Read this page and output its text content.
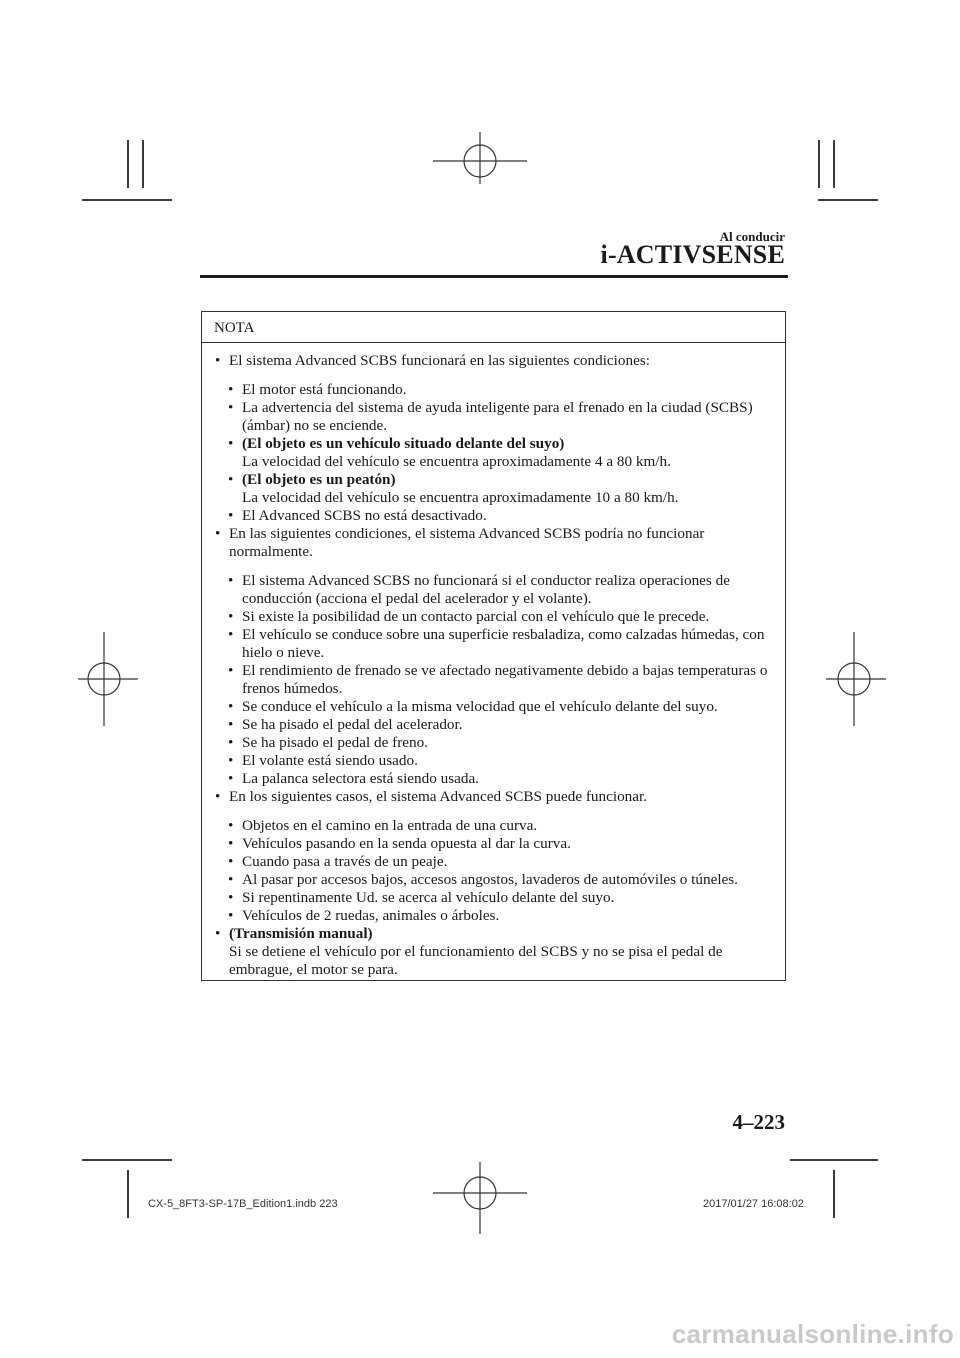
Al conducir
i-ACTIVSENSE
NOTA
• El sistema Advanced SCBS funcionará en las siguientes condiciones:
• El motor está funcionando.
• La advertencia del sistema de ayuda inteligente para el frenado en la ciudad (SCBS) (ámbar) no se enciende.
• (El objeto es un vehículo situado delante del suyo)
La velocidad del vehículo se encuentra aproximadamente 4 a 80 km/h.
• (El objeto es un peatón)
La velocidad del vehículo se encuentra aproximadamente 10 a 80 km/h.
• El Advanced SCBS no está desactivado.
• En las siguientes condiciones, el sistema Advanced SCBS podría no funcionar normalmente.
• El sistema Advanced SCBS no funcionará si el conductor realiza operaciones de conducción (acciona el pedal del acelerador y el volante).
• Si existe la posibilidad de un contacto parcial con el vehículo que le precede.
• El vehículo se conduce sobre una superficie resbaladiza, como calzadas húmedas, con hielo o nieve.
• El rendimiento de frenado se ve afectado negativamente debido a bajas temperaturas o frenos húmedos.
• Se conduce el vehículo a la misma velocidad que el vehículo delante del suyo.
• Se ha pisado el pedal del acelerador.
• Se ha pisado el pedal de freno.
• El volante está siendo usado.
• La palanca selectora está siendo usada.
• En los siguientes casos, el sistema Advanced SCBS puede funcionar.
• Objetos en el camino en la entrada de una curva.
• Vehículos pasando en la senda opuesta al dar la curva.
• Cuando pasa a través de un peaje.
• Al pasar por accesos bajos, accesos angostos, lavaderos de automóviles o túneles.
• Si repentinamente Ud. se acerca al vehículo delante del suyo.
• Vehículos de 2 ruedas, animales o árboles.
• (Transmisión manual)
Si se detiene el vehículo por el funcionamiento del SCBS y no se pisa el pedal de embrague, el motor se para.
4–223
CX-5_8FT3-SP-17B_Edition1.indb 223	2017/01/27 16:08:02
carmanualsonline.info
